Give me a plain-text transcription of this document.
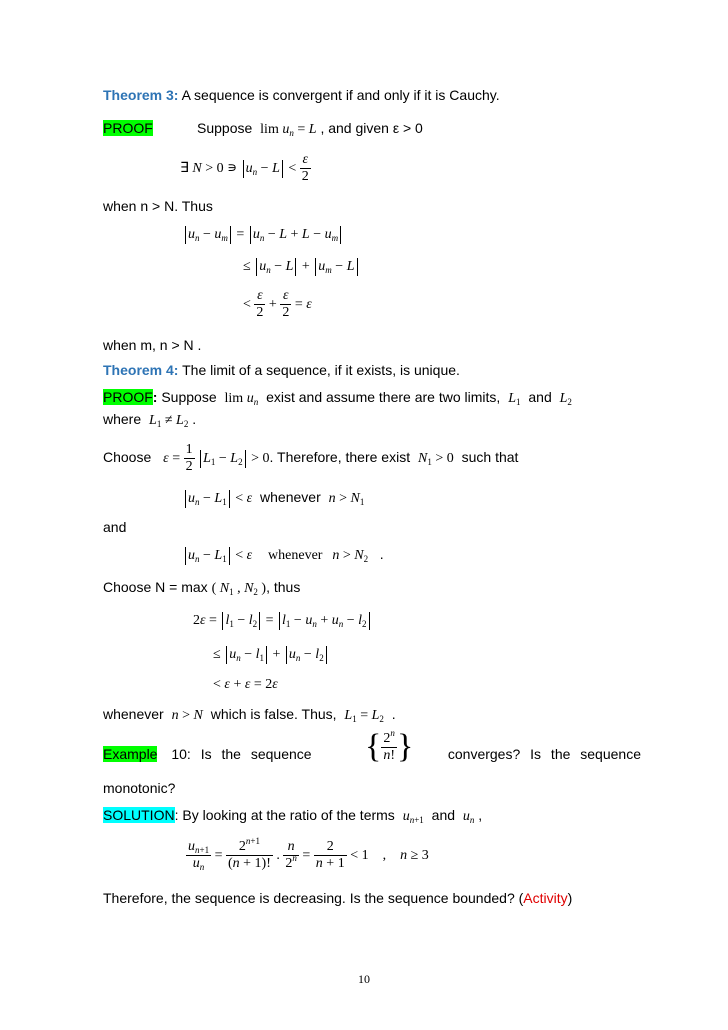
Theorem 3: A sequence is convergent if and only if it is Cauchy.
PROOF	Suppose $\lim u_n = L$ , and given ε > 0
∃ N > 0 ∍ $u_n - L < \frac{\varepsilon}{2}$
when n > N. Thus
$u_n - u_m = u_n - L + L - u_m$
≤ $u_n - L + u_m - L$
< $\frac{\varepsilon}{2} + \frac{\varepsilon}{2} = \varepsilon$
when m, n > N .
Theorem 4: The limit of a sequence, if it exists, is unique.
PROOF: Suppose $\lim u_n$ exist and assume there are two limits, $L_1$ and $L_2$
where $L_1 \ne L_2$ .
Choose $\varepsilon = \frac{1}{2} L_1 - L_2 > 0$. Therefore, there exist $N_1 > 0$ such that
$u_n - L_1 < \varepsilon$ whenever $n > N_1$
and
$u_n - L_1 < \varepsilon$ whenever $n > N_2$   .
Choose N = max ( $N_1$ , $N_2$ ), thus
$2\varepsilon = l_1 - l_2 = l_1 - u_n + u_n - l_2$
≤ $u_n - l_1 + u_n - l_2$
< ε + ε = 2ε
whenever n > N which is false. Thus, $L_1 = L_2$ .
Example 10: Is the sequence	{ $\frac{2^n}{n!}$ }	converges? Is the sequence
monotonic?
SOLUTION: By looking at the ratio of the terms $u_{n+1}$ and $u_n$ ,
$\frac{u_{n+1}}{u_n} = \frac{2^{n+1}}{(n + 1)!}$ . $\frac{n}{2^n} = \frac{2}{n + 1} < 1$    ,    n ≥ 3
Therefore, the sequence is decreasing. Is the sequence bounded? (Activity)
10
